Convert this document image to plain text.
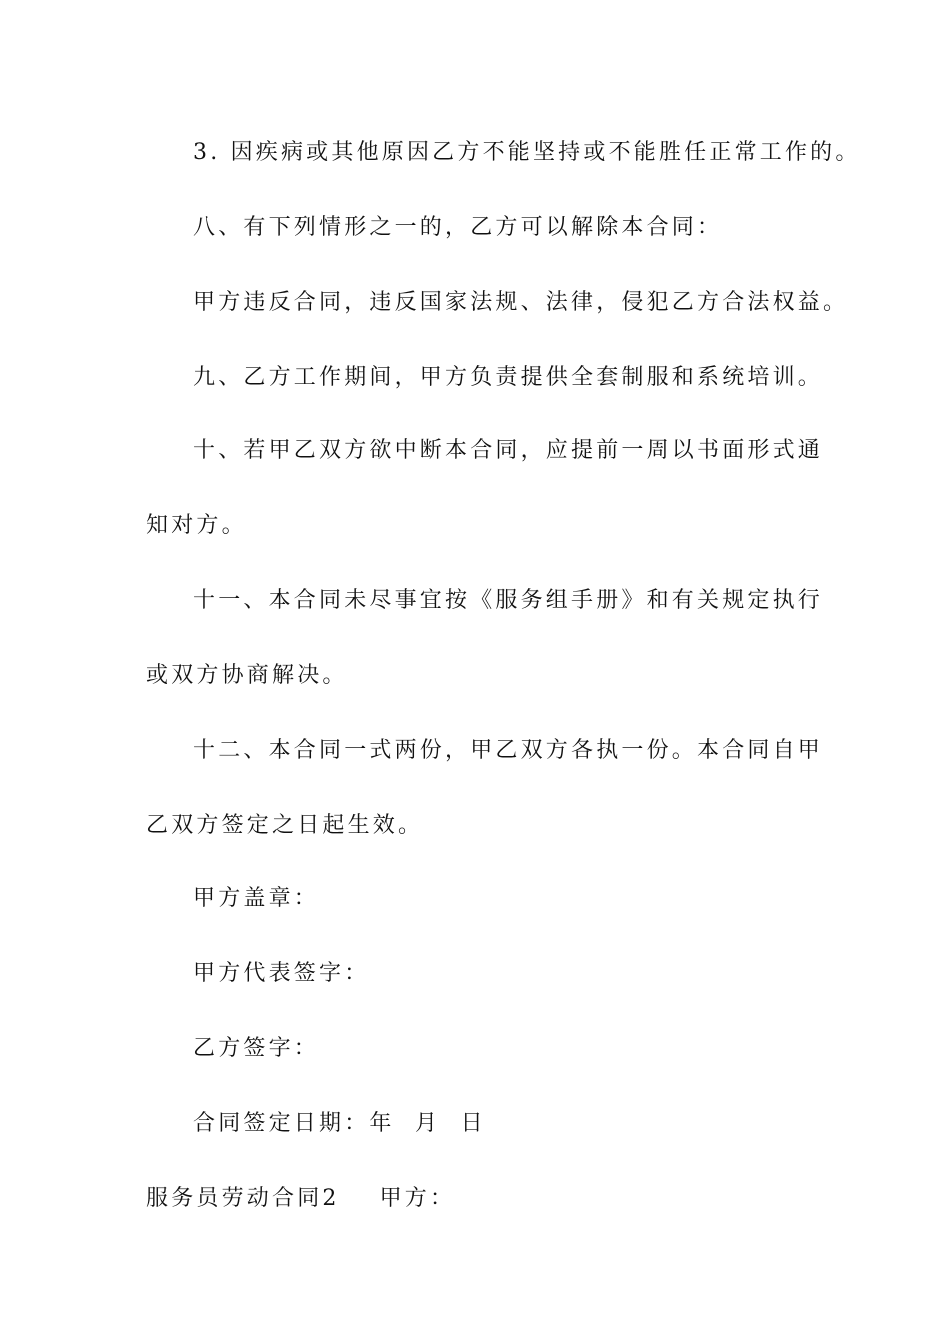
3. 因疾病或其他原因乙方不能坚持或不能胜任正常工作的。
八、有下列情形之一的，乙方可以解除本合同：
甲方违反合同，违反国家法规、法律，侵犯乙方合法权益。
九、乙方工作期间，甲方负责提供全套制服和系统培训。
十、若甲乙双方欲中断本合同，应提前一周以书面形式通
知对方。
十一、本合同未尽事宜按《服务组手册》和有关规定执行
或双方协商解决。
十二、本合同一式两份，甲乙双方各执一份。本合同自甲
乙双方签定之日起生效。
甲方盖章：
甲方代表签字：
乙方签字：
合同签定日期：年  月  日
服务员劳动合同2 甲方：
